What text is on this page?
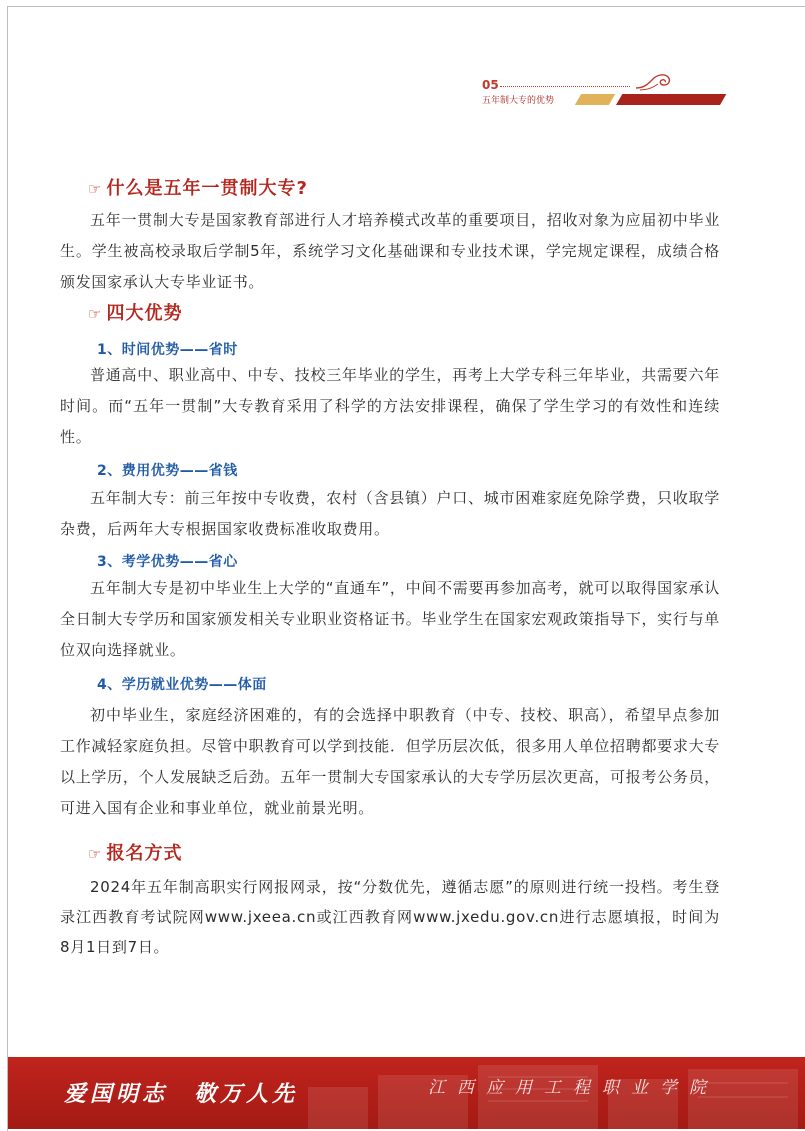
05
五年制大专的优势
☞ 什么是五年一贯制大专?
五年一贯制大专是国家教育部进行人才培养模式改革的重要项目，招收对象为应届初中毕业生。学生被高校录取后学制5年，系统学习文化基础课和专业技术课，学完规定课程，成绩合格颁发国家承认大专毕业证书。
☞ 四大优势
1、时间优势——省时
普通高中、职业高中、中专、技校三年毕业的学生，再考上大学专科三年毕业，共需要六年时间。而“五年一贯制”大专教育采用了科学的方法安排课程，确保了学生学习的有效性和连续性。
2、费用优势——省钱
五年制大专：前三年按中专收费，农村（含县镇）户口、城市困难家庭免除学费，只收取学杂费，后两年大专根据国家收费标准收取费用。
3、考学优势——省心
五年制大专是初中毕业生上大学的“直通车”，中间不需要再参加高考，就可以取得国家承认全日制大专学历和国家颁发相关专业职业资格证书。毕业学生在国家宏观政策指导下，实行与单位双向选择就业。
4、学历就业优势——体面
初中毕业生，家庭经济困难的，有的会选择中职教育（中专、技校、职高），希望早点参加工作减轻家庭负担。尽管中职教育可以学到技能．但学历层次低，很多用人单位招聘都要求大专以上学历，个人发展缺乏后劲。五年一贯制大专国家承认的大专学历层次更高，可报考公务员，可进入国有企业和事业单位，就业前景光明。
☞ 报名方式
2024年五年制高职实行网报网录，按“分数优先，遵循志愿”的原则进行统一投档。考生登录江西教育考试院网www.jxeea.cn或江西教育网www.jxedu.gov.cn进行志愿填报，时间为8月1日到7日。
爱国明志　敬万人先	江西应用工程职业学院
